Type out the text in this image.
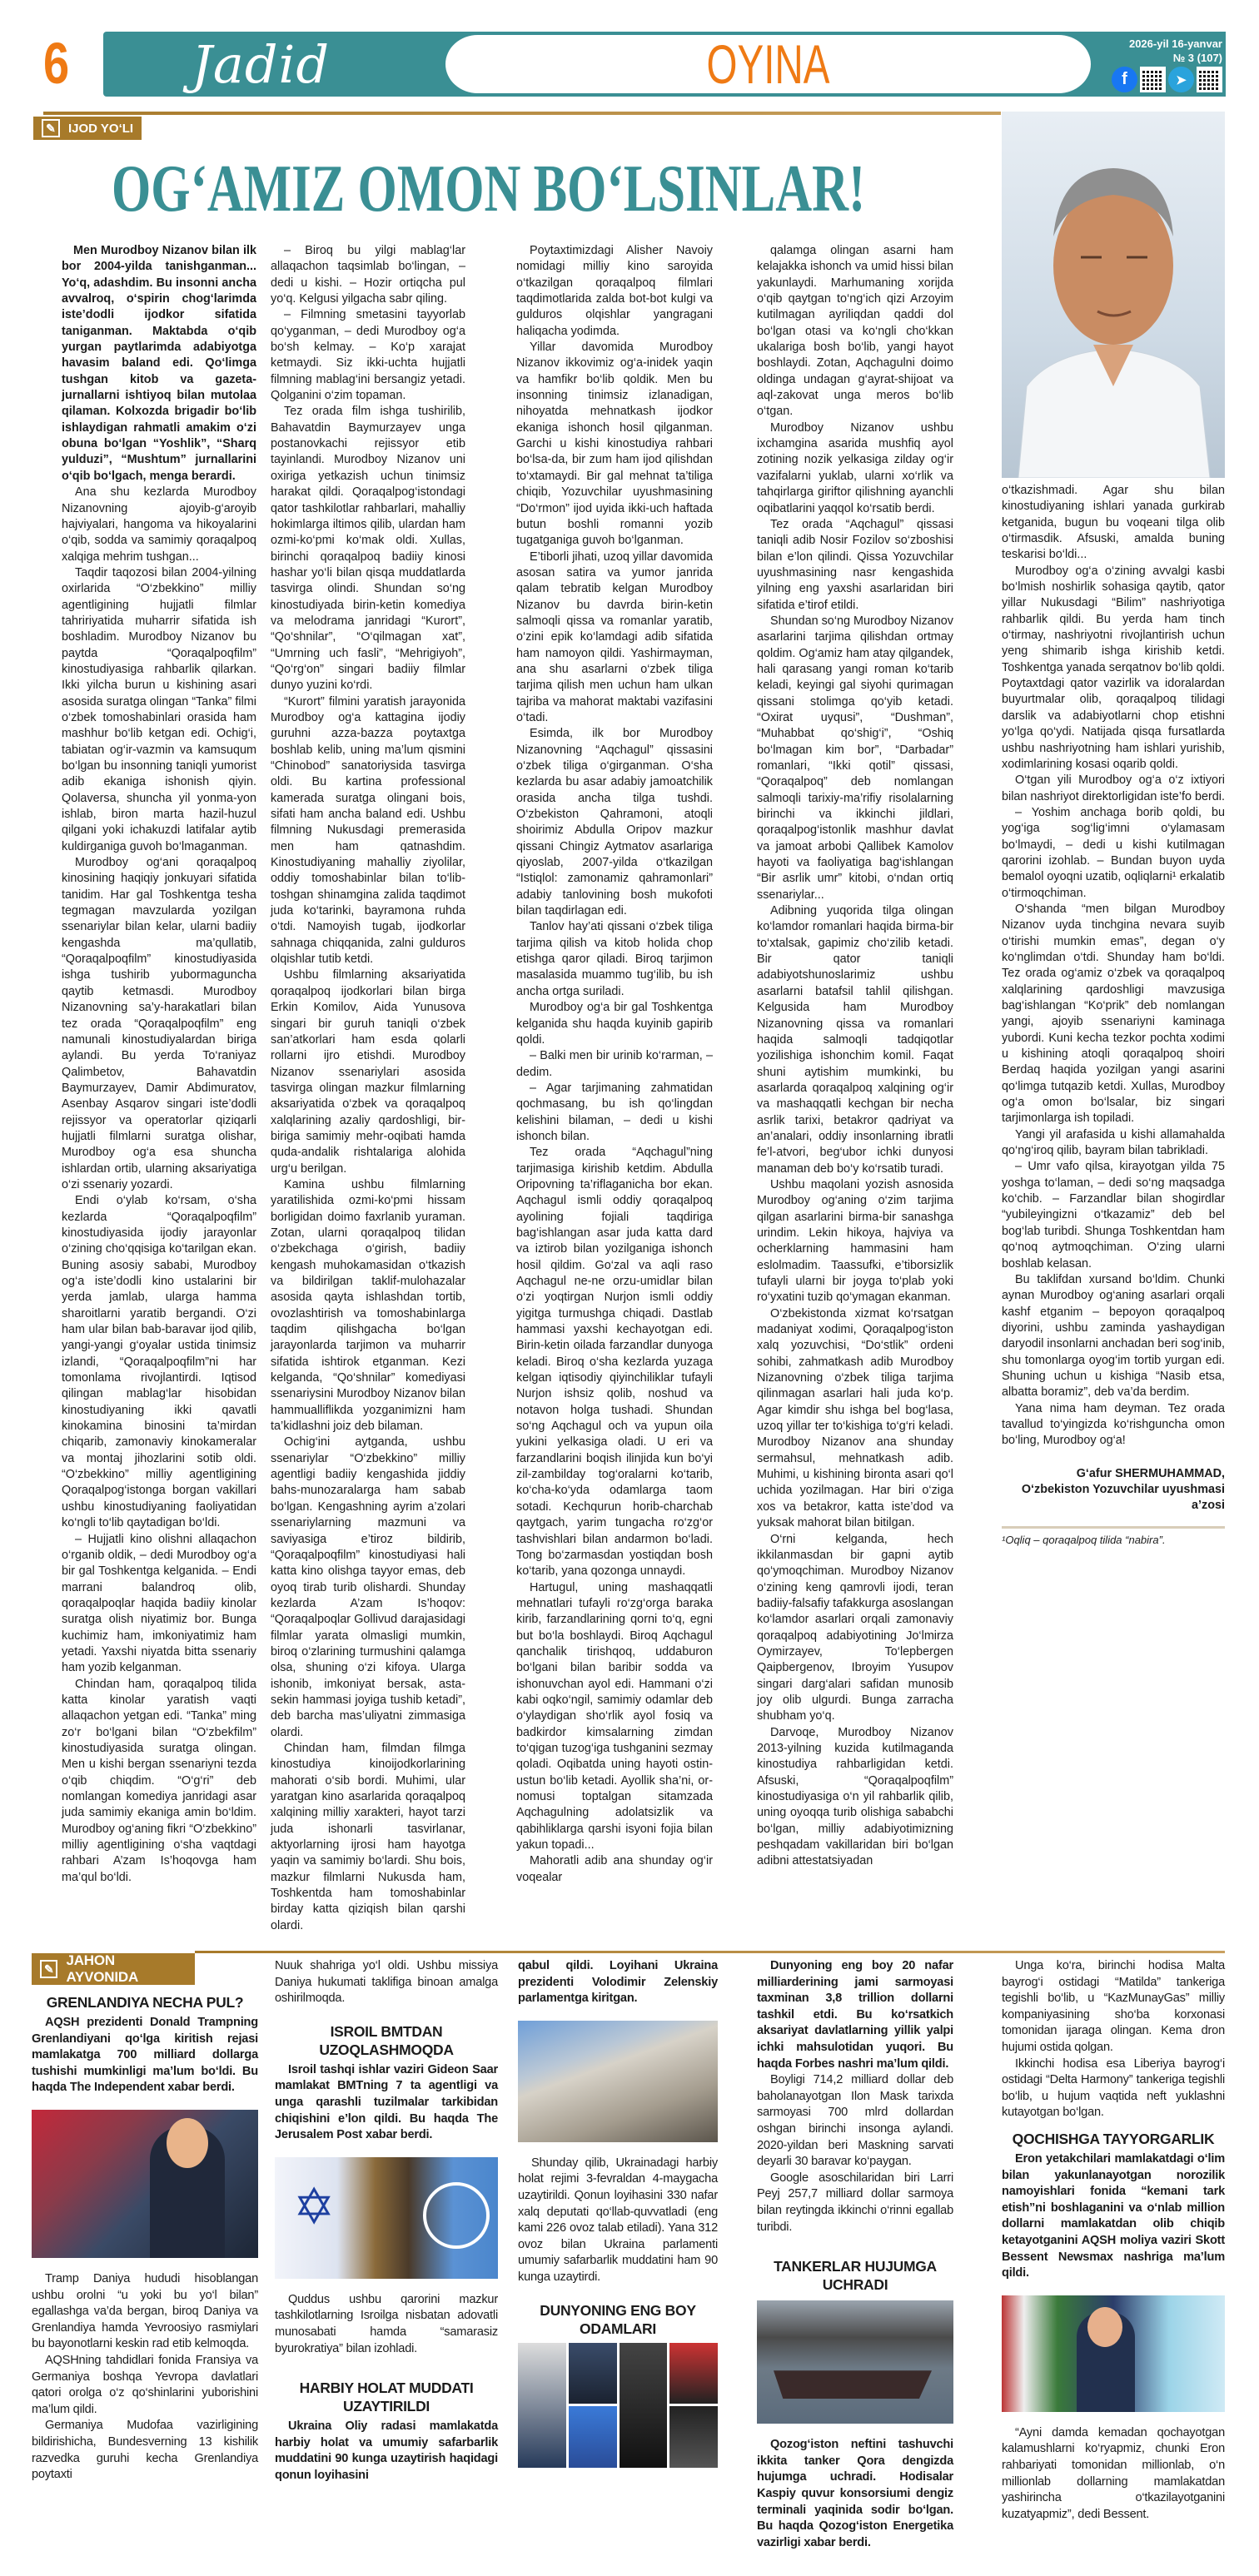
6 Jadid	OYINA	2026-yil 16-yanvar
№ 3 (107)
f	➤
✎	IJOD YO‘LI
OG‘AMIZ OMON BO‘LSINLAR!

Men Murodboy Nizanov bilan ilk bor 2004-yilda tanishganman... Yo‘q, adashdim. Bu insonni ancha avvalroq, o‘spirin chog‘larimda iste’dodli ijodkor sifatida taniganman. Maktabda o‘qib yurgan paytlarimda adabiyotga havasim baland edi. Qo‘limga tushgan kitob va gazeta-jurnallarni ishtiyoq bilan mutolaa qilaman. Kolxozda brigadir bo‘lib ishlaydigan rahmatli amakim o‘zi obuna bo‘lgan “Yoshlik”, “Sharq yulduzi”, “Mushtum” jurnallarini o‘qib bo‘lgach, menga berardi.

Ana shu kezlarda Murodboy Nizanovning ajoyib-g‘aroyib hajviyalari, hangoma va hikoyalarini o‘qib, sodda va samimiy qoraqalpoq xalqiga mehrim tushgan...

Taqdir taqozosi bilan 2004-yilning oxirlarida “O‘zbekkino” milliy agentligining hujjatli filmlar tahririyatida muharrir sifatida ish boshladim. Murodboy Nizanov bu paytda “Qoraqalpoqfilm” kinostudiyasiga rahbarlik qilarkan. Ikki yilcha burun u kishining asari asosida suratga olingan “Tanka” filmi o‘zbek tomoshabinlari orasida ham mashhur bo‘lib ketgan edi. Ochig‘i, tabiatan og‘ir-vazmin va kamsuqum bo‘lgan bu insonning taniqli yumorist adib ekaniga ishonish qiyin. Qolaversa, shuncha yil yonma-yon ishlab, biron marta hazil-huzul qilgani yoki ichakuzdi latifalar aytib kuldirganiga guvoh bo‘lmaganman.

Murodboy og‘ani qoraqalpoq kinosining haqiqiy jonkuyari sifatida tanidim. Har gal Toshkentga tesha tegmagan mavzularda yozilgan ssenariylar bilan kelar, ularni badiiy kengashda ma’qullatib, “Qoraqalpoqfilm” kinostudiyasida ishga tushirib yubormaguncha qaytib ketmasdi. Murodboy Nizanovning sa’y-harakatlari bilan tez orada “Qoraqalpoqfilm” eng namunali kinostudiyalardan biriga aylandi. Bu yerda To‘raniyaz Qalimbetov, Bahavatdin Baymurzayev, Damir Abdimuratov, Asenbay Asqarov singari iste’dodli rejissyor va operatorlar qiziqarli hujjatli filmlarni suratga olishar, Murodboy og‘a esa shuncha ishlardan ortib, ularning aksariyatiga o‘zi ssenariy yozardi.

Endi o‘ylab ko‘rsam, o‘sha kezlarda “Qoraqalpoqfilm” kinostudiyasida ijodiy jarayonlar o‘zining cho‘qqisiga ko‘tarilgan ekan. Buning asosiy sababi, Murodboy og‘a iste’dodli kino ustalarini bir yerda jamlab, ularga hamma sharoitlarni yaratib bergandi. O‘zi ham ular bilan bab-baravar ijod qilib, yangi-yangi g‘oyalar ustida tinimsiz izlandi, “Qoraqalpoqfilm”ni har tomonlama rivojlantirdi. Iqtisod qilingan mablag‘lar hisobidan kinostudiyaning ikki qavatli kinokamina binosini ta’mirdan chiqarib, zamonaviy kinokameralar va montaj jihozlarini sotib oldi. “O‘zbekkino” milliy agentligining Qoraqalpog‘istonga borgan vakillari ushbu kinostudiyaning faoliyatidan ko‘ngli to‘lib qaytadigan bo‘ldi.

– Hujjatli kino olishni allaqachon o‘rganib oldik, – dedi Murodboy og‘a bir gal Toshkentga kelganida. – Endi marrani balandroq olib, qoraqalpoqlar haqida badiiy kinolar suratga olish niyatimiz bor. Bunga kuchimiz ham, imkoniyatimiz ham yetadi. Yaxshi niyatda bitta ssenariy ham yozib kelganman.

Chindan ham, qoraqalpoq tilida katta kinolar yaratish vaqti allaqachon yetgan edi. “Tanka” ming zo‘r bo‘lgani bilan “O‘zbekfilm” kinostudiyasida suratga olingan. Men u kishi bergan ssenariyni tezda o‘qib chiqdim. “O‘g‘ri” deb nomlangan komediya janridagi asar juda samimiy ekaniga amin bo‘ldim. Murodboy og‘aning fikri “O‘zbekkino” milliy agentligining o‘sha vaqtdagi rahbari A’zam Is’hoqovga ham ma’qul bo‘ldi.

– Biroq bu yilgi mablag‘lar allaqachon taqsimlab bo‘lingan, – dedi u kishi. – Hozir ortiqcha pul yo‘q. Kelgusi yilgacha sabr qiling.

– Filmning smetasini tayyorlab qo‘yganman, – dedi Murodboy og‘a bo‘sh kelmay. – Ko‘p xarajat ketmaydi. Siz ikki-uchta hujjatli filmning mablag‘ini bersangiz yetadi. Qolganini o‘zim topaman.

Tez orada film ishga tushirilib, Bahavatdin Baymurzayev unga postanovkachi rejissyor etib tayinlandi. Murodboy Nizanov uni oxiriga yetkazish uchun tinimsiz harakat qildi. Qoraqalpog‘istondagi qator tashkilotlar rahbarlari, mahalliy hokimlarga iltimos qilib, ulardan ham ozmi-ko‘pmi ko‘mak oldi. Xullas, birinchi qoraqalpoq badiiy kinosi hashar yo‘li bilan qisqa muddatlarda tasvirga olindi. Shundan so‘ng kinostudiyada birin-ketin komediya va melodrama janridagi “Kurort”, “Qo‘shnilar”, “O‘qilmagan xat”, “Umrning uch fasli”, “Mehrigiyoh”, “Qo‘rg‘on” singari badiiy filmlar dunyo yuzini ko‘rdi.

“Kurort” filmini yaratish jarayonida Murodboy og‘a kattagina ijodiy guruhni azza-bazza poytaxtga boshlab kelib, uning ma’lum qismini “Chinobod” sanatoriysida tasvirga oldi. Bu kartina professional kamerada suratga olingani bois, sifati ham ancha baland edi. Ushbu filmning Nukusdagi premerasida men ham qatnashdim. Kinostudiyaning mahalliy ziyolilar, oddiy tomoshabinlar bilan to‘lib-toshgan shinamgina zalida taqdimot juda ko‘tarinki, bayramona ruhda o‘tdi. Namoyish tugab, ijodkorlar sahnaga chiqqanida, zalni gulduros olqishlar tutib ketdi.

Ushbu filmlarning aksariyatida qoraqalpoq ijodkorlari bilan birga Erkin Komilov, Aida Yunusova singari bir guruh taniqli o‘zbek san’atkorlari ham esda qolarli rollarni ijro etishdi. Murodboy Nizanov ssenariylari asosida tasvirga olingan mazkur filmlarning aksariyatida o‘zbek va qoraqalpoq xalqlarining azaliy qardoshligi, bir-biriga samimiy mehr-oqibati hamda quda-andalik rishtalariga alohida urg‘u berilgan.

Kamina ushbu filmlarning yaratilishida ozmi-ko‘pmi hissam borligidan doimo faxrlanib yuraman. Zotan, ularni qoraqalpoq tilidan o‘zbekchaga o‘girish, badiiy kengash muhokamasidan o‘tkazish va bildirilgan taklif-mulohazalar asosida qayta ishlashdan tortib, ovozlashtirish va tomoshabinlarga taqdim qilishgacha bo‘lgan jarayonlarda tarjimon va muharrir sifatida ishtirok etganman. Kezi kelganda, “Qo‘shnilar” komediyasi ssenariysini Murodboy Nizanov bilan hammualliflikda yozganimizni ham ta’kidlashni joiz deb bilaman.

Ochig‘ini aytganda, ushbu ssenariylar “O‘zbekkino” milliy agentligi badiiy kengashida jiddiy bahs-munozaralarga ham sabab bo‘lgan. Kengashning ayrim a’zolari ssenariylarning mazmuni va saviyasiga e’tiroz bildirib, “Qoraqalpoqfilm” kinostudiyasi hali katta kino olishga tayyor emas, deb oyoq tirab turib olishardi. Shunday kezlarda A’zam Is’hoqov: “Qoraqalpoqlar Gollivud darajasidagi filmlar yarata olmasligi mumkin, biroq o‘zlarining turmushini qalamga olsa, shuning o‘zi kifoya. Ularga ishonib, imkoniyat bersak, asta-sekin hammasi joyiga tushib ketadi”, deb barcha mas’uliyatni zimmasiga olardi.

Chindan ham, filmdan filmga kinostudiya kinoijodkorlarining mahorati o‘sib bordi. Muhimi, ular yaratgan kino asarlarida qoraqalpoq xalqining milliy xarakteri, hayot tarzi juda ishonarli tasvirlanar, aktyorlarning ijrosi ham hayotga yaqin va samimiy bo‘lardi. Shu bois, mazkur filmlarni Nukusda ham, Toshkentda ham tomoshabinlar birday katta qiziqish bilan qarshi olardi.

Poytaxtimizdagi Alisher Navoiy nomidagi milliy kino saroyida o‘tkazilgan qoraqalpoq filmlari taqdimotlarida zalda bot-bot kulgi va gulduros olqishlar yangragani haliqacha yodimda.

Yillar davomida Murodboy Nizanov ikkovimiz og‘a-inidek yaqin va hamfikr bo‘lib qoldik. Men bu insonning tinimsiz izlanadigan, nihoyatda mehnatkash ijodkor ekaniga ishonch hosil qilganman. Garchi u kishi kinostudiya rahbari bo‘lsa-da, bir zum ham ijod qilishdan to‘xtamaydi. Bir gal mehnat ta’tiliga chiqib, Yozuvchilar uyushmasining “Do‘rmon” ijod uyida ikki-uch haftada butun boshli romanni yozib tugatganiga guvoh bo‘lganman.

E’tiborli jihati, uzoq yillar davomida asosan satira va yumor janrida qalam tebratib kelgan Murodboy Nizanov bu davrda birin-ketin salmoqli qissa va romanlar yaratib, o‘zini epik ko‘lamdagi adib sifatida ham namoyon qildi. Yashirmayman, ana shu asarlarni o‘zbek tiliga tarjima qilish men uchun ham ulkan tajriba va mahorat maktabi vazifasini o‘tadi.

Esimda, ilk bor Murodboy Nizanovning “Aqchagul” qissasini o‘zbek tiliga o‘girganman. O‘sha kezlarda bu asar adabiy jamoatchilik orasida ancha tilga tushdi. O‘zbekiston Qahramoni, atoqli shoirimiz Abdulla Oripov mazkur qissani Chingiz Aytmatov asarlariga qiyoslab, 2007-yilda o‘tkazilgan “Istiqlol: zamonamiz qahramonlari” adabiy tanlovining bosh mukofoti bilan taqdirlagan edi.

Tanlov hay’ati qissani o‘zbek tiliga tarjima qilish va kitob holida chop etishga qaror qiladi. Biroq tarjimon masalasida muammo tug‘ilib, bu ish ancha ortga suriladi.

Murodboy og‘a bir gal Toshkentga kelganida shu haqda kuyinib gapirib qoldi.

– Balki men bir urinib ko‘rarman, – dedim.

– Agar tarjimaning zahmatidan qochmasang, bu ish qo‘lingdan kelishini bilaman, – dedi u kishi ishonch bilan.

Tez orada “Aqchagul”ning tarjimasiga kirishib ketdim. Abdulla Oripovning ta’riflaganicha bor ekan. Aqchagul ismli oddiy qoraqalpoq ayolining fojiali taqdiriga bag‘ishlangan asar juda katta dard va iztirob bilan yozilganiga ishonch hosil qildim. Go‘zal va aqli raso Aqchagul ne-ne orzu-umidlar bilan o‘zi yoqtirgan Nurjon ismli oddiy yigitga turmushga chiqadi. Dastlab hammasi yaxshi kechayotgan edi. Birin-ketin oilada farzandlar dunyoga keladi. Biroq o‘sha kezlarda yuzaga kelgan iqtisodiy qiyinchiliklar tufayli Nurjon ishsiz qolib, noshud va notavon holga tushadi. Shundan so‘ng Aqchagul och va yupun oila yukini yelkasiga oladi. U eri va farzandlarini boqish ilinjida kun bo‘yi zil-zambilday tog‘oralarni ko‘tarib, ko‘cha-ko‘yda odamlarga taom sotadi. Kechqurun horib-charchab qaytgach, yarim tungacha ro‘zg‘or tashvishlari bilan andarmon bo‘ladi. Tong bo‘zarmasdan yostiqdan bosh ko‘tarib, yana qozonga unnaydi.

Hartugul, uning mashaqqatli mehnatlari tufayli ro‘zg‘orga baraka kirib, farzandlarining qorni to‘q, egni but bo‘la boshlaydi. Biroq Aqchagul qanchalik tirishqoq, uddaburon bo‘lgani bilan baribir sodda va ishonuvchan ayol edi. Hammani o‘zi kabi oqko‘ngil, samimiy odamlar deb o‘ylaydigan sho‘rlik ayol fosiq va badkirdor kimsalarning zimdan to‘qigan tuzog‘iga tushganini sezmay qoladi. Oqibatda uning hayoti ostin-ustun bo‘lib ketadi. Ayollik sha’ni, or-nomusi toptalgan sitamzada Aqchagulning adolatsizlik va qabihliklarga qarshi isyoni fojia bilan yakun topadi...

Mahoratli adib ana shunday og‘ir voqealar

qalamga olingan asarni ham kelajakka ishonch va umid hissi bilan yakunlaydi. Marhumaning xorijda o‘qib qaytgan to‘ng‘ich qizi Arzoyim kutilmagan ayriliqdan qaddi dol bo‘lgan otasi va ko‘ngli cho‘kkan ukalariga bosh bo‘lib, yangi hayot boshlaydi. Zotan, Aqchagulni doimo oldinga undagan g‘ayrat-shijoat va aql-zakovat unga meros bo‘lib o‘tgan.

Murodboy Nizanov ushbu ixchamgina asarida mushfiq ayol zotining nozik yelkasiga zilday og‘ir vazifalarni yuklab, ularni xo‘rlik va tahqirlarga giriftor qilishning ayanchli oqibatlarini yaqqol ko‘rsatib berdi.

Tez orada “Aqchagul” qissasi taniqli adib Nosir Fozilov so‘zboshisi bilan e’lon qilindi. Qissa Yozuvchilar uyushmasining nasr kengashida yilning eng yaxshi asarlaridan biri sifatida e’tirof etildi.

Shundan so‘ng Murodboy Nizanov asarlarini tarjima qilishdan ortmay qoldim. Og‘amiz ham atay qilgandek, hali qarasang yangi roman ko‘tarib keladi, keyingi gal siyohi qurimagan qissani stolimga qo‘yib ketadi. “Oxirat uyqusi”, “Dushman”, “Muhabbat qo‘shig‘i”, “Oshiq bo‘lmagan kim bor”, “Darbadar” romanlari, “Ikki qotil” qissasi, “Qoraqalpoq” deb nomlangan salmoqli tarixiy-ma’rifiy risolalarning birinchi va ikkinchi jildlari, qoraqalpog‘istonlik mashhur davlat va jamoat arbobi Qallibek Kamolov hayoti va faoliyatiga bag‘ishlangan “Bir asrlik umr” kitobi, o‘ndan ortiq ssenariylar...

Adibning yuqorida tilga olingan ko‘lamdor romanlari haqida birma-bir to‘xtalsak, gapimiz cho‘zilib ketadi. Bir qator taniqli adabiyotshunoslarimiz ushbu asarlarni batafsil tahlil qilishgan. Kelgusida ham Murodboy Nizanovning qissa va romanlari haqida salmoqli tadqiqotlar yozilishiga ishonchim komil. Faqat shuni aytishim mumkinki, bu asarlarda qoraqalpoq xalqining og‘ir va mashaqqatli kechgan bir necha asrlik tarixi, betakror qadriyat va an’analari, oddiy insonlarning ibratli fe’l-atvori, beg‘ubor ichki dunyosi manaman deb bo‘y ko‘rsatib turadi.

Ushbu maqolani yozish asnosida Murodboy og‘aning o‘zim tarjima qilgan asarlarini birma-bir sanashga urindim. Lekin hikoya, hajviya va ocherklarning hammasini ham eslolmadim. Taassufki, e’tiborsizlik tufayli ularni bir joyga to‘plab yoki ro‘yxatini tuzib qo‘ymagan ekanman.

O‘zbekistonda xizmat ko‘rsatgan madaniyat xodimi, Qoraqalpog‘iston xalq yozuvchisi, “Do‘stlik” ordeni sohibi, zahmatkash adib Murodboy Nizanovning o‘zbek tiliga tarjima qilinmagan asarlari hali juda ko‘p. Agar kimdir shu ishga bel bog‘lasa, uzoq yillar ter to‘kishiga to‘g‘ri keladi. Murodboy Nizanov ana shunday sermahsul, mehnatkash adib. Muhimi, u kishining bironta asari qo‘l uchida yozilmagan. Har biri o‘ziga xos va betakror, katta iste’dod va yuksak mahorat bilan bitilgan.

O‘rni kelganda, hech ikkilanmasdan bir gapni aytib qo‘ymoqchiman. Murodboy Nizanov o‘zining keng qamrovli ijodi, teran badiiy-falsafiy tafakkurga asoslangan ko‘lamdor asarlari orqali zamonaviy qoraqalpoq adabiyotining Jo‘lmirza Oymirzayev, To‘lepbergen Qaipbergenov, Ibroyim Yusupov singari darg‘alari safidan munosib joy olib ulgurdi. Bunga zarracha shubham yo‘q.

Darvoqe, Murodboy Nizanov 2013-yilning kuzida kutilmaganda kinostudiya rahbarligidan ketdi. Afsuski, “Qoraqalpoqfilm” kinostudiyasiga o‘n yil rahbarlik qilib, uning oyoqqa turib olishiga sababchi bo‘lgan, milliy adabiyotimizning peshqadam vakillaridan biri bo‘lgan adibni attestatsiyadan

o‘tkazishmadi. Agar shu bilan kinostudiyaning ishlari yanada gurkirab ketganida, bugun bu voqeani tilga olib o‘tirmasdik. Afsuski, amalda buning teskarisi bo‘ldi...

Murodboy og‘a o‘zining avvalgi kasbi bo‘lmish noshirlik sohasiga qaytib, qator yillar Nukusdagi “Bilim” nashriyotiga rahbarlik qildi. Bu yerda ham tinch o‘tirmay, nashriyotni rivojlantirish uchun yeng shimarib ishga kirishib ketdi. Toshkentga yanada serqatnov bo‘lib qoldi. Poytaxtdagi qator vazirlik va idoralardan buyurtmalar olib, qoraqalpoq tilidagi darslik va adabiyotlarni chop etishni yo‘lga qo‘ydi. Natijada qisqa fursatlarda ushbu nashriyotning ham ishlari yurishib, xodimlarining kosasi oqarib qoldi.

O‘tgan yili Murodboy og‘a o‘z ixtiyori bilan nashriyot direktorligidan iste’fo berdi.

– Yoshim anchaga borib qoldi, bu yog‘iga sog‘lig‘imni o‘ylamasam bo‘lmaydi, – dedi u kishi kutilmagan qarorini izohlab. – Bundan buyon uyda bemalol oyoqni uzatib, oqliqlarni¹ erkalatib o‘tirmoqchiman.

O‘shanda “men bilgan Murodboy Nizanov uyda tinchgina nevara suyib o‘tirishi mumkin emas”, degan o‘y ko‘nglimdan o‘tdi. Shunday ham bo‘ldi. Tez orada og‘amiz o‘zbek va qoraqalpoq xalqlarining qardoshligi mavzusiga bag‘ishlangan “Ko‘prik” deb nomlangan yangi, ajoyib ssenariyni kaminaga yubordi. Kuni kecha tezkor pochta xodimi u kishining atoqli qoraqalpoq shoiri Berdaq haqida yozilgan yangi asarini qo‘limga tutqazib ketdi. Xullas, Murodboy og‘a omon bo‘lsalar, biz singari tarjimonlarga ish topiladi.

Yangi yil arafasida u kishi allamahalda qo‘ng‘iroq qilib, bayram bilan tabrikladi.

– Umr vafo qilsa, kirayotgan yilda 75 yoshga to‘laman, – dedi so‘ng maqsadga ko‘chib. – Farzandlar bilan shogirdlar “yubileyingizni o‘tkazamiz” deb bel bog‘lab turibdi. Shunga Toshkentdan ham qo‘noq aytmoqchiman. O‘zing ularni boshlab kelasan.

Bu taklifdan xursand bo‘ldim. Chunki aynan Murodboy og‘aning asarlari orqali kashf etganim – bepoyon qoraqalpoq diyorini, ushbu zaminda yashaydigan daryodil insonlarni anchadan beri sog‘inib, shu tomonlarga oyog‘im tortib yurgan edi. Shuning uchun u kishiga “Nasib etsa, albatta boramiz”, deb va’da berdim.

Yana nima ham deyman. Tez orada tavallud to‘yingizda ko‘rishguncha omon bo‘ling, Murodboy og‘a!

G‘afur SHERMUHAMMAD,
O‘zbekiston Yozuvchilar uyushmasi a’zosi
¹Oqliq – qoraqalpoq tilida “nabira”.
✎
JAHON AYVONIDA
GRENLANDIYA NECHA PUL?

AQSH prezidenti Donald Trampning Grenlandiyani qo‘lga kiritish rejasi mamlakatga 700 milliard dollarga tushishi mumkinligi ma’lum bo‘ldi. Bu haqda The Independent xabar berdi.

Tramp Daniya hududi hisoblangan ushbu orolni “u yoki bu yo‘l bilan” egallashga va’da bergan, biroq Daniya va Grenlandiya hamda Yevroosiyo rasmiylari bu bayonotlarni keskin rad etib kelmoqda.

AQSHning tahdidlari fonida Fransiya va Germaniya boshqa Yevropa davlatlari qatori orolga o‘z qo‘shinlarini yuborishini ma’lum qildi.

Germaniya Mudofaa vazirligining bildirishicha, Bundesverning 13 kishilik razvedka guruhi kecha Grenlandiya poytaxti

Nuuk shahriga yo‘l oldi. Ushbu missiya Daniya hukumati taklifiga binoan amalga oshirilmoqda.

ISROIL BMTDAN UZOQLASHMOQDA

Isroil tashqi ishlar vaziri Gideon Saar mamlakat BMTning 7 ta agentligi va unga qarashli tuzilmalar tarkibidan chiqishini e’lon qildi. Bu haqda The Jerusalem Post xabar berdi.

✡

Quddus ushbu qarorini mazkur tashkilotlarning Isroilga nisbatan adovatli munosabati hamda “samarasiz byurokratiya” bilan izohladi.

HARBIY HOLAT MUDDATI UZAYTIRILDI

Ukraina Oliy radasi mamlakatda harbiy holat va umumiy safarbarlik muddatini 90 kunga uzaytirish haqidagi qonun loyihasini

qabul qildi. Loyihani Ukraina prezidenti Volodimir Zelenskiy parlamentga kiritgan.

Shunday qilib, Ukrainadagi harbiy holat rejimi 3-fevraldan 4-maygacha uzaytirildi. Qonun loyihasini 330 nafar xalq deputati qo‘llab-quvvatladi (eng kami 226 ovoz talab etiladi). Yana 312 ovoz bilan Ukraina parlamenti umumiy safarbarlik muddatini ham 90 kunga uzaytirdi.

DUNYONING ENG BOY ODAMLARI

Dunyoning eng boy 20 nafar milliarderining jami sarmoyasi taxminan 3,8 trillion dollarni tashkil etdi. Bu ko‘rsatkich aksariyat davlatlarning yillik yalpi ichki mahsulotidan yuqori. Bu haqda Forbes nashri ma’lum qildi.

Boyligi 714,2 milliard dollar deb baholanayotgan Ilon Mask tarixda sarmoyasi 700 mlrd dollardan oshgan birinchi insonga aylandi. 2020-yildan beri Maskning sarvati deyarli 30 baravar ko‘paygan.

Google asoschilaridan biri Larri Peyj 257,7 milliard dollar sarmoya bilan reytingda ikkinchi o‘rinni egallab turibdi.

TANKERLAR HUJUMGA UCHRADI

Qozog‘iston neftini tashuvchi ikkita tanker Qora dengizda hujumga uchradi. Hodisalar Kaspiy quvur konsorsiumi dengiz terminali yaqinida sodir bo‘lgan. Bu haqda Qozog‘iston Energetika vazirligi xabar berdi.

Unga ko‘ra, birinchi hodisa Malta bayrog‘i ostidagi “Matilda” tankeriga tegishli bo‘lib, u “KazMunayGas” milliy kompaniyasining sho‘ba korxonasi tomonidan ijaraga olingan. Kema dron hujumi ostida qolgan.

Ikkinchi hodisa esa Liberiya bayrog‘i ostidagi “Delta Harmony” tankeriga tegishli bo‘lib, u hujum vaqtida neft yuklashni kutayotgan bo‘lgan.

QOCHISHGA TAYYORGARLIK

Eron yetakchilari mamlakatdagi o‘lim bilan yakunlanayotgan norozilik namoyishlari fonida “kemani tark etish”ni boshlaganini va o‘nlab million dollarni mamlakatdan olib chiqib ketayotganini AQSH moliya vaziri Skott Bessent Newsmax nashriga ma’lum qildi.

“Ayni damda kemadan qochayotgan kalamushlarni ko‘ryapmiz, chunki Eron rahbariyati tomonidan millionlab, o‘n millionlab dollarning mamlakatdan yashirincha o‘tkazilayotganini kuzatyapmiz”, dedi Bessent.
